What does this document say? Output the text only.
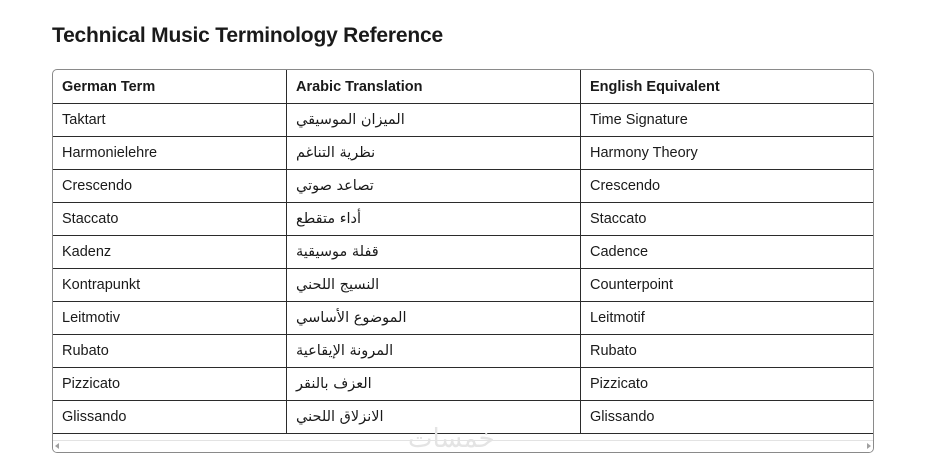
Technical Music Terminology Reference
German Term	Arabic Translation	English Equivalent
Taktart	الميزان الموسيقي	Time Signature
Harmonielehre	نظرية التناغم	Harmony Theory
Crescendo	تصاعد صوتي	Crescendo
Staccato	أداء متقطع	Staccato
Kadenz	قفلة موسيقية	Cadence
Kontrapunkt	النسيج اللحني	Counterpoint
Leitmotiv	الموضوع الأساسي	Leitmotif
Rubato	المرونة الإيقاعية	Rubato
Pizzicato	العزف بالنقر	Pizzicato
Glissando	الانزلاق اللحني	Glissando
خمسات
